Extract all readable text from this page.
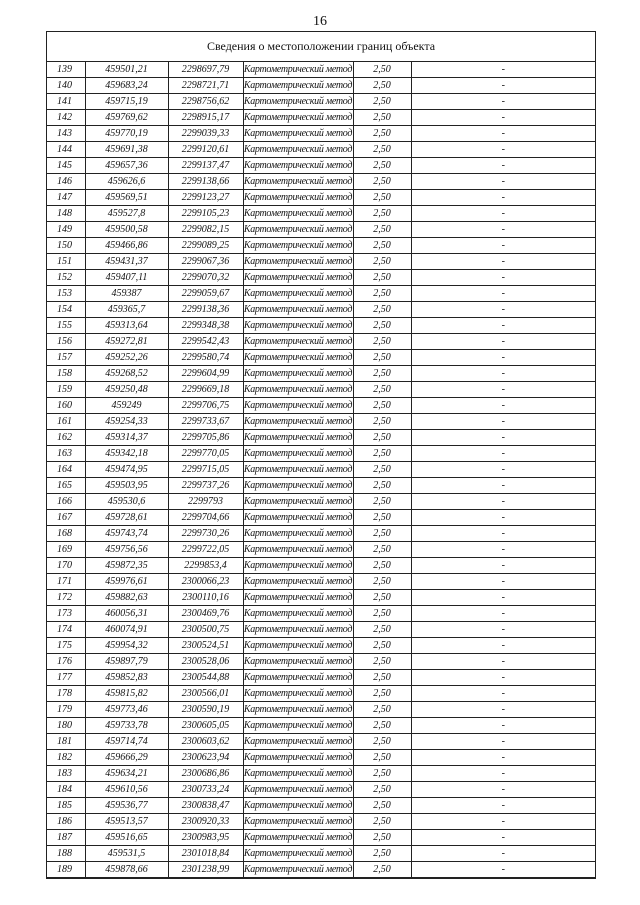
16
Сведения о местоположении границ объекта
139	459501,21	2298697,79	Картометрический метод	2,50	-
140	459683,24	2298721,71	Картометрический метод	2,50	-
141	459715,19	2298756,62	Картометрический метод	2,50	-
142	459769,62	2298915,17	Картометрический метод	2,50	-
143	459770,19	2299039,33	Картометрический метод	2,50	-
144	459691,38	2299120,61	Картометрический метод	2,50	-
145	459657,36	2299137,47	Картометрический метод	2,50	-
146	459626,6	2299138,66	Картометрический метод	2,50	-
147	459569,51	2299123,27	Картометрический метод	2,50	-
148	459527,8	2299105,23	Картометрический метод	2,50	-
149	459500,58	2299082,15	Картометрический метод	2,50	-
150	459466,86	2299089,25	Картометрический метод	2,50	-
151	459431,37	2299067,36	Картометрический метод	2,50	-
152	459407,11	2299070,32	Картометрический метод	2,50	-
153	459387	2299059,67	Картометрический метод	2,50	-
154	459365,7	2299138,36	Картометрический метод	2,50	-
155	459313,64	2299348,38	Картометрический метод	2,50	-
156	459272,81	2299542,43	Картометрический метод	2,50	-
157	459252,26	2299580,74	Картометрический метод	2,50	-
158	459268,52	2299604,99	Картометрический метод	2,50	-
159	459250,48	2299669,18	Картометрический метод	2,50	-
160	459249	2299706,75	Картометрический метод	2,50	-
161	459254,33	2299733,67	Картометрический метод	2,50	-
162	459314,37	2299705,86	Картометрический метод	2,50	-
163	459342,18	2299770,05	Картометрический метод	2,50	-
164	459474,95	2299715,05	Картометрический метод	2,50	-
165	459503,95	2299737,26	Картометрический метод	2,50	-
166	459530,6	2299793	Картометрический метод	2,50	-
167	459728,61	2299704,66	Картометрический метод	2,50	-
168	459743,74	2299730,26	Картометрический метод	2,50	-
169	459756,56	2299722,05	Картометрический метод	2,50	-
170	459872,35	2299853,4	Картометрический метод	2,50	-
171	459976,61	2300066,23	Картометрический метод	2,50	-
172	459882,63	2300110,16	Картометрический метод	2,50	-
173	460056,31	2300469,76	Картометрический метод	2,50	-
174	460074,91	2300500,75	Картометрический метод	2,50	-
175	459954,32	2300524,51	Картометрический метод	2,50	-
176	459897,79	2300528,06	Картометрический метод	2,50	-
177	459852,83	2300544,88	Картометрический метод	2,50	-
178	459815,82	2300566,01	Картометрический метод	2,50	-
179	459773,46	2300590,19	Картометрический метод	2,50	-
180	459733,78	2300605,05	Картометрический метод	2,50	-
181	459714,74	2300603,62	Картометрический метод	2,50	-
182	459666,29	2300623,94	Картометрический метод	2,50	-
183	459634,21	2300686,86	Картометрический метод	2,50	-
184	459610,56	2300733,24	Картометрический метод	2,50	-
185	459536,77	2300838,47	Картометрический метод	2,50	-
186	459513,57	2300920,33	Картометрический метод	2,50	-
187	459516,65	2300983,95	Картометрический метод	2,50	-
188	459531,5	2301018,84	Картометрический метод	2,50	-
189	459878,66	2301238,99	Картометрический метод	2,50	-
